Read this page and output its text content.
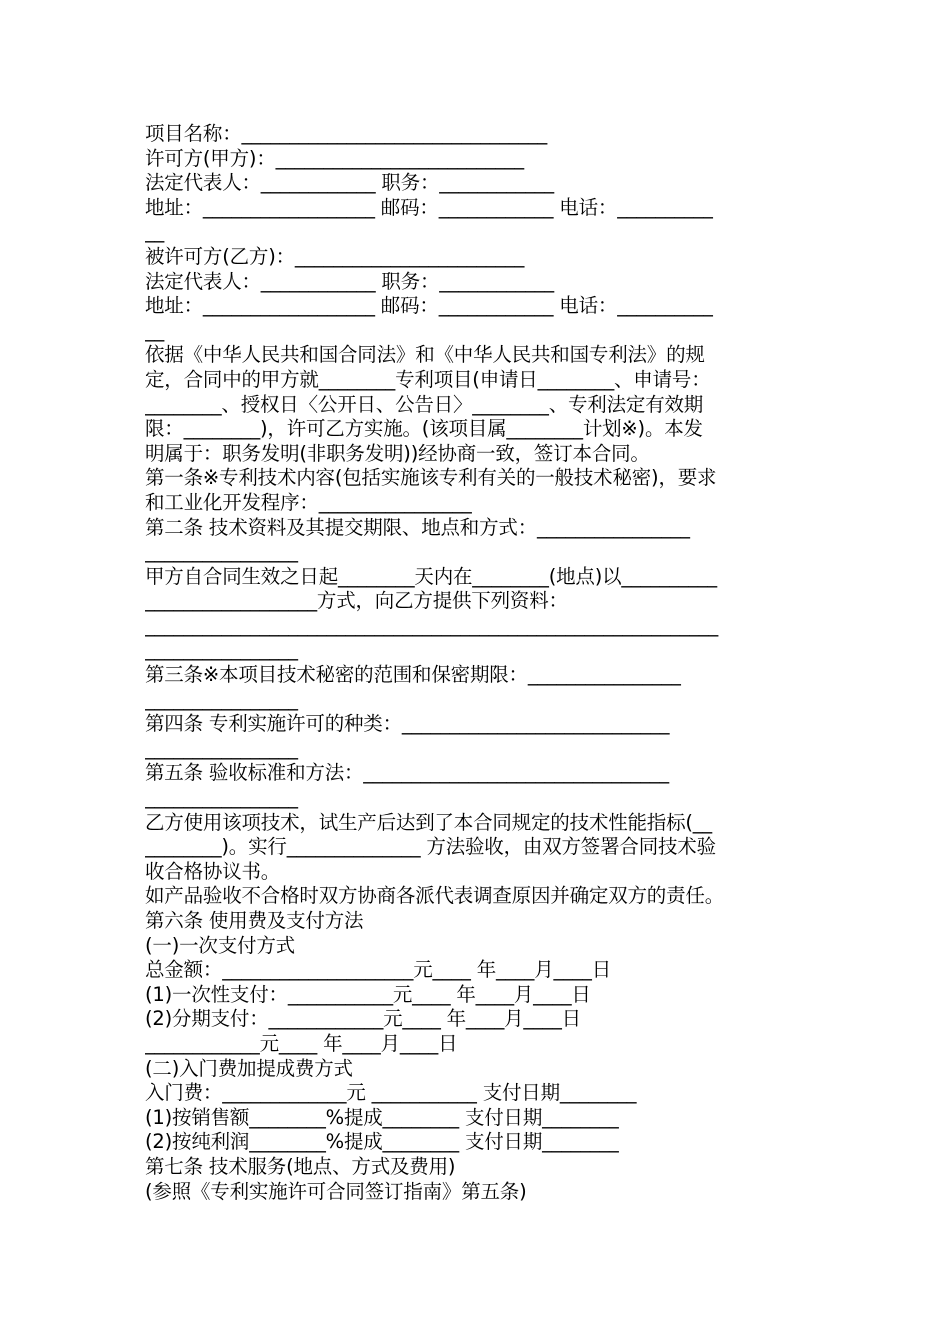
项目名称：________________________________
许可方(甲方)：__________________________
法定代表人：____________ 职务：____________
地址：__________________ 邮码：____________ 电话：__________
__
被许可方(乙方)：________________________
法定代表人：____________ 职务：____________
地址：__________________ 邮码：____________ 电话：__________
__
依据《中华人民共和国合同法》和《中华人民共和国专利法》的规
定，合同中的甲方就________专利项目(申请日________、申请号：
________、授权日〈公开日、公告日〉________、专利法定有效期
限：________)，许可乙方实施。(该项目属________计划※)。本发
明属于：职务发明(非职务发明))经协商一致，签订本合同。
第一条※专利技术内容(包括实施该专利有关的一般技术秘密)，要求
和工业化开发程序：________________
第二条 技术资料及其提交期限、地点和方式：________________
________________
甲方自合同生效之日起________天内在________(地点)以__________
__________________方式，向乙方提供下列资料：
____________________________________________________________
________________
第三条※本项目技术秘密的范围和保密期限：________________
________________
第四条 专利实施许可的种类：____________________________
________________
第五条 验收标准和方法：________________________________
________________
乙方使用该项技术，试生产后达到了本合同规定的技术性能指标(__
________)。实行______________ 方法验收，由双方签署合同技术验
收合格协议书。
如产品验收不合格时双方协商各派代表调查原因并确定双方的责任。
第六条 使用费及支付方法
(一)一次支付方式
总金额：____________________元____ 年____月____日
(1)一次性支付：___________元____ 年____月____日
(2)分期支付：____________元____ 年____月____日
____________元____ 年____月____日
(二)入门费加提成费方式
入门费：_____________元 ___________ 支付日期________
(1)按销售额________%提成________ 支付日期________
(2)按纯利润________%提成________ 支付日期________
第七条 技术服务(地点、方式及费用)
(参照《专利实施许可合同签订指南》第五条)
